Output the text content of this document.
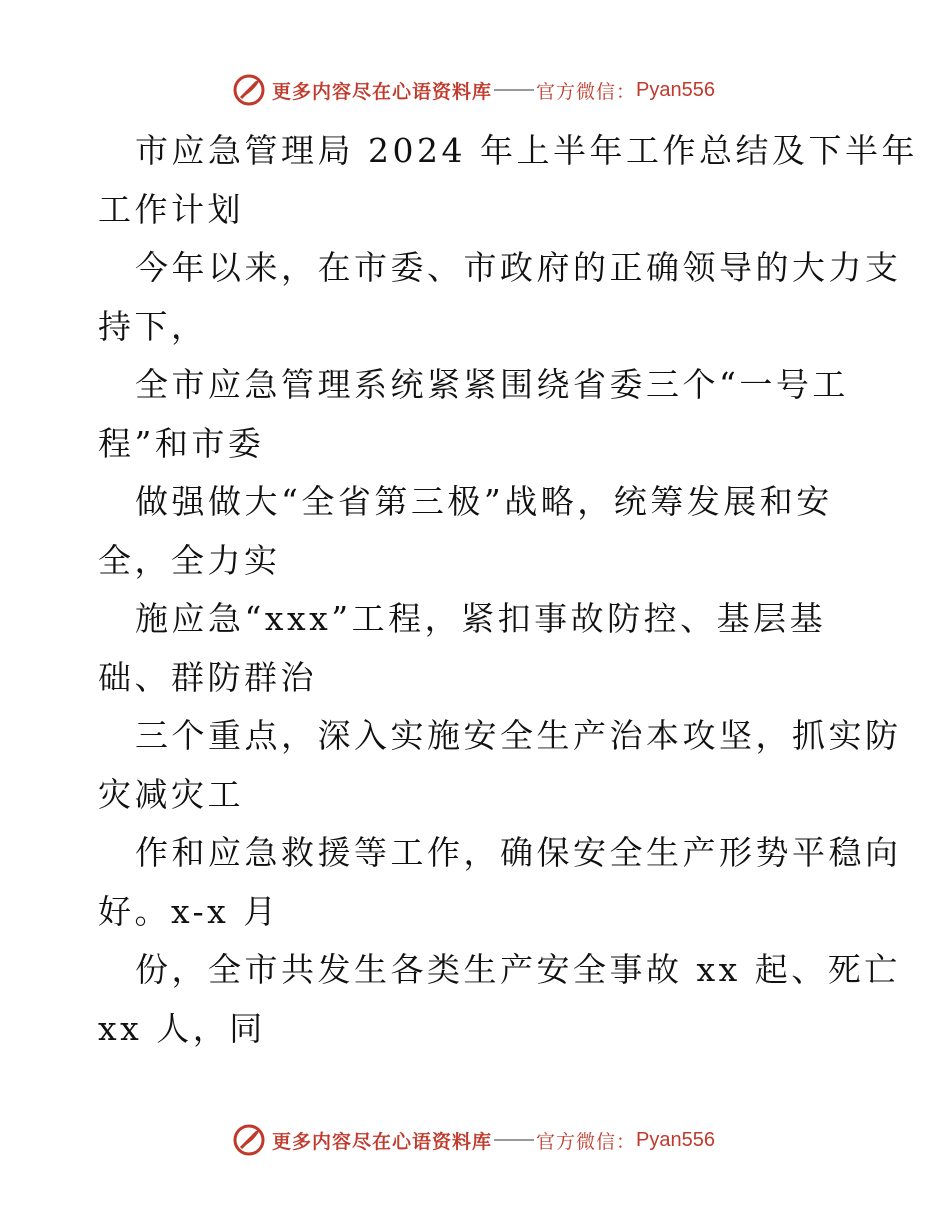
更多内容尽在心语资料库 官方微信： Pyan556
市应急管理局 2024 年上半年工作总结及下半年
工作计划
今年以来，在市委、市政府的正确领导的大力支
持下，
全市应急管理系统紧紧围绕省委三个“一号工
程”和市委
做强做大“全省第三极”战略，统筹发展和安
全，全力实
施应急“xxx”工程，紧扣事故防控、基层基
础、群防群治
三个重点，深入实施安全生产治本攻坚，抓实防
灾减灾工
作和应急救援等工作，确保安全生产形势平稳向
好。x-x 月
份，全市共发生各类生产安全事故 xx 起、死亡
xx 人，同
更多内容尽在心语资料库 官方微信： Pyan556
